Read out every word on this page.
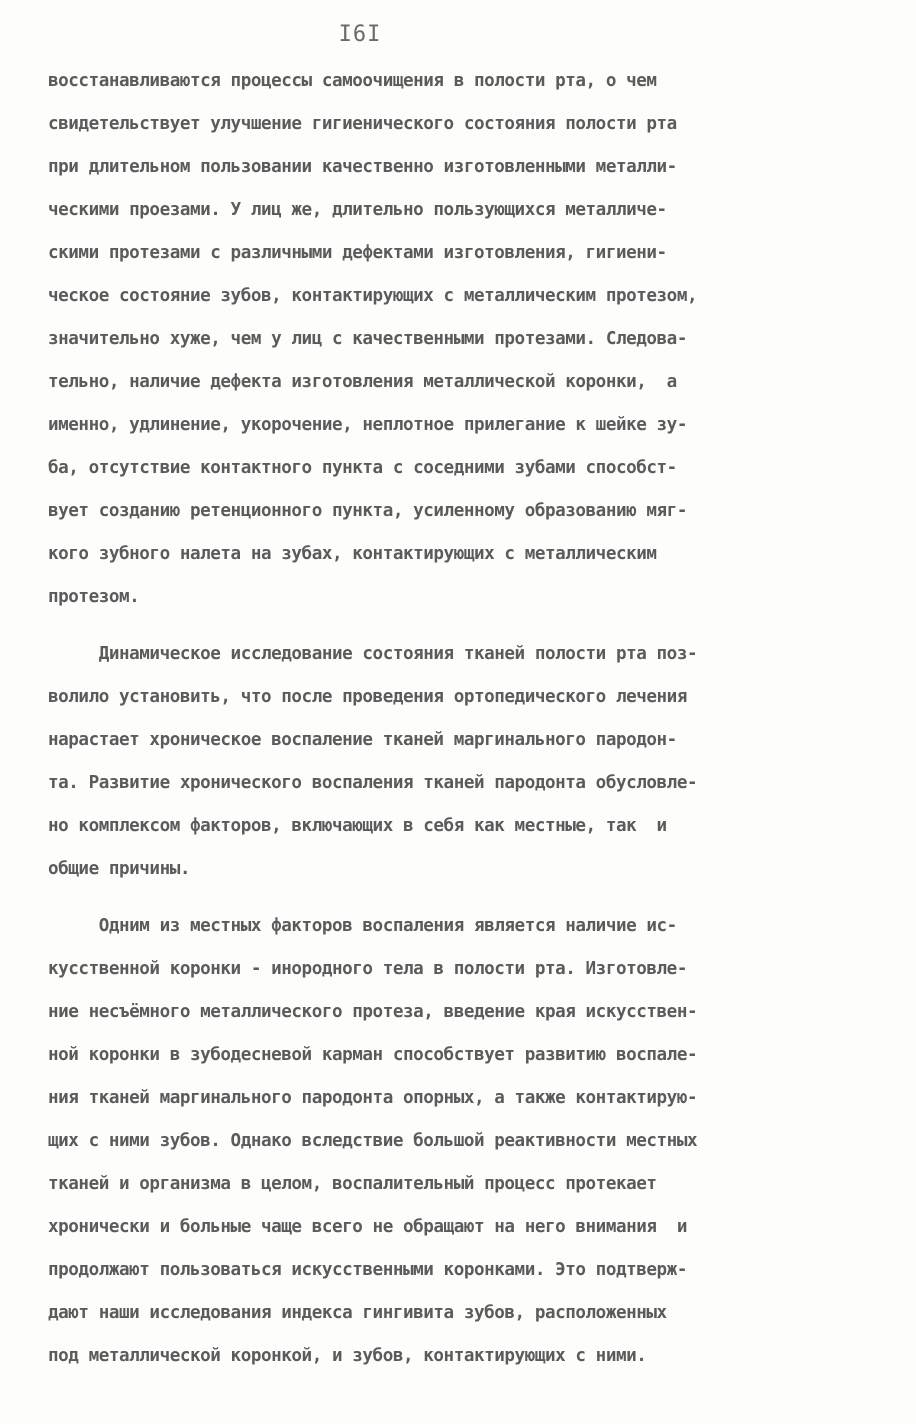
I6I
восстанавливаются процессы самоочищения в полости рта, о чем
свидетельствует улучшение гигиенического состояния полости рта
при длительном пользовании качественно изготовленными металли-
ческими проезами. У лиц же, длительно пользующихся металличе-
скими протезами с различными дефектами изготовления, гигиени-
ческое состояние зубов, контактирующих с металлическим протезом,
значительно хуже, чем у лиц с качественными протезами. Следова-
тельно, наличие дефекта изготовления металлической коронки,  а
именно, удлинение, укорочение, неплотное прилегание к шейке зу-
ба, отсутствие контактного пункта с соседними зубами способст-
вует созданию ретенционного пункта, усиленному образованию мяг-
кого зубного налета на зубах, контактирующих с металлическим
протезом.
Динамическое исследование состояния тканей полости рта поз-
волило установить, что после проведения ортопедического лечения
нарастает хроническое воспаление тканей маргинального пародон-
та. Развитие хронического воспаления тканей пародонта обусловле-
но комплексом факторов, включающих в себя как местные, так  и
общие причины.
Одним из местных факторов воспаления является наличие ис-
кусственной коронки - инородного тела в полости рта. Изготовле-
ние несъёмного металлического протеза, введение края искусствен-
ной коронки в зубодесневой карман способствует развитию воспале-
ния тканей маргинального пародонта опорных, а также контактирую-
щих с ними зубов. Однако вследствие большой реактивности местных
тканей и организма в целом, воспалительный процесс протекает
хронически и больные чаще всего не обращают на него внимания  и
продолжают пользоваться искусственными коронками. Это подтверж-
дают наши исследования индекса гингивита зубов, расположенных
под металлической коронкой, и зубов, контактирующих с ними.
